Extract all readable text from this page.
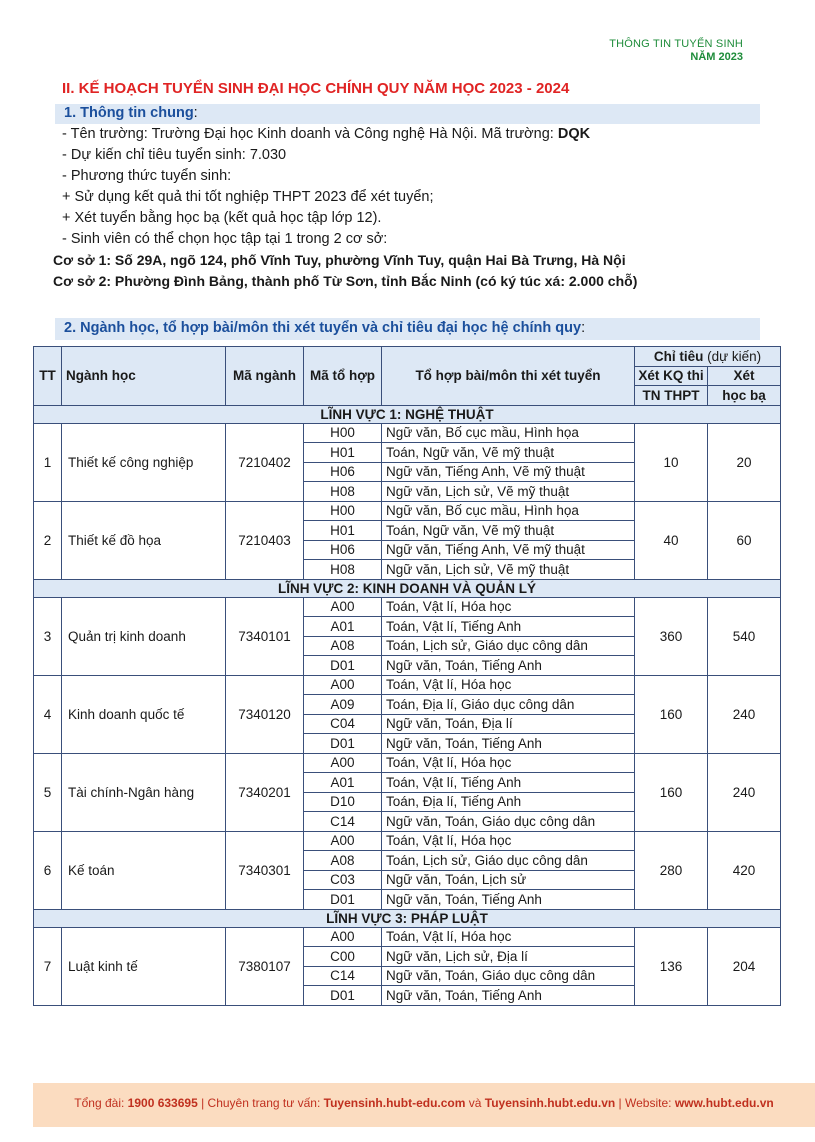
THÔNG TIN TUYỂN SINH
NĂM 2023
II. KẾ HOẠCH TUYỂN SINH ĐẠI HỌC CHÍNH QUY NĂM HỌC 2023 - 2024
1. Thông tin chung:

- Tên trường: Trường Đại học Kinh doanh và Công nghệ Hà Nội. Mã trường: DQK

- Dự kiến chỉ tiêu tuyển sinh: 7.030

- Phương thức tuyển sinh:

+ Sử dụng kết quả thi tốt nghiệp THPT 2023 để xét tuyển;

+ Xét tuyển bằng học bạ (kết quả học tập lớp 12).

- Sinh viên có thể chọn học tập tại 1 trong 2 cơ sở:

Cơ sở 1: Số 29A, ngõ 124, phố Vĩnh Tuy, phường Vĩnh Tuy, quận Hai Bà Trưng, Hà Nội

Cơ sở 2: Phường Đình Bảng, thành phố Từ Sơn, tỉnh Bắc Ninh (có ký túc xá: 2.000 chỗ)

2. Ngành học, tổ hợp bài/môn thi xét tuyển và chỉ tiêu đại học hệ chính quy:
TT	Ngành học	Mã ngành	Mã tổ hợp	Tổ hợp bài/môn thi xét tuyển	Chỉ tiêu (dự kiến)	
					Xét KQ thi	Xét
					TN THPT	học bạ
LĨNH VỰC 1: NGHỆ THUẬT						
1	Thiết kế công nghiệp	7210402	H00	Ngữ văn, Bố cục mầu, Hình họa	10	20
			H01	Toán, Ngữ văn, Vẽ mỹ thuật		
			H06	Ngữ văn, Tiếng Anh, Vẽ mỹ thuật		
			H08	Ngữ văn, Lịch sử, Vẽ mỹ thuật		
2	Thiết kế đồ họa	7210403	H00	Ngữ văn, Bố cục mầu, Hình họa	40	60
			H01	Toán, Ngữ văn, Vẽ mỹ thuật		
			H06	Ngữ văn, Tiếng Anh, Vẽ mỹ thuật		
			H08	Ngữ văn, Lịch sử, Vẽ mỹ thuật		
LĨNH VỰC 2: KINH DOANH VÀ QUẢN LÝ						
3	Quản trị kinh doanh	7340101	A00	Toán, Vật lí, Hóa học	360	540
			A01	Toán, Vật lí, Tiếng Anh		
			A08	Toán, Lịch sử, Giáo dục công dân		
			D01	Ngữ văn, Toán, Tiếng Anh		
4	Kinh doanh quốc tế	7340120	A00	Toán, Vật lí, Hóa học	160	240
			A09	Toán, Địa lí, Giáo dục công dân		
			C04	Ngữ văn, Toán, Địa lí		
			D01	Ngữ văn, Toán, Tiếng Anh		
5	Tài chính-Ngân hàng	7340201	A00	Toán, Vật lí, Hóa học	160	240
			A01	Toán, Vật lí, Tiếng Anh		
			D10	Toán, Địa lí, Tiếng Anh		
			C14	Ngữ văn, Toán, Giáo dục công dân		
6	Kế toán	7340301	A00	Toán, Vật lí, Hóa học	280	420
			A08	Toán, Lịch sử, Giáo dục công dân		
			C03	Ngữ văn, Toán, Lịch sử		
			D01	Ngữ văn, Toán, Tiếng Anh		
LĨNH VỰC 3: PHÁP LUẬT						
7	Luật kinh tế	7380107	A00	Toán, Vật lí, Hóa học	136	204
			C00	Ngữ văn, Lịch sử, Địa lí		
			C14	Ngữ văn, Toán, Giáo dục công dân		
			D01	Ngữ văn, Toán, Tiếng Anh		
Tổng đài: 1900 633695 | Chuyên trang tư vấn: Tuyensinh.hubt-edu.com và Tuyensinh.hubt.edu.vn | Website: www.hubt.edu.vn
